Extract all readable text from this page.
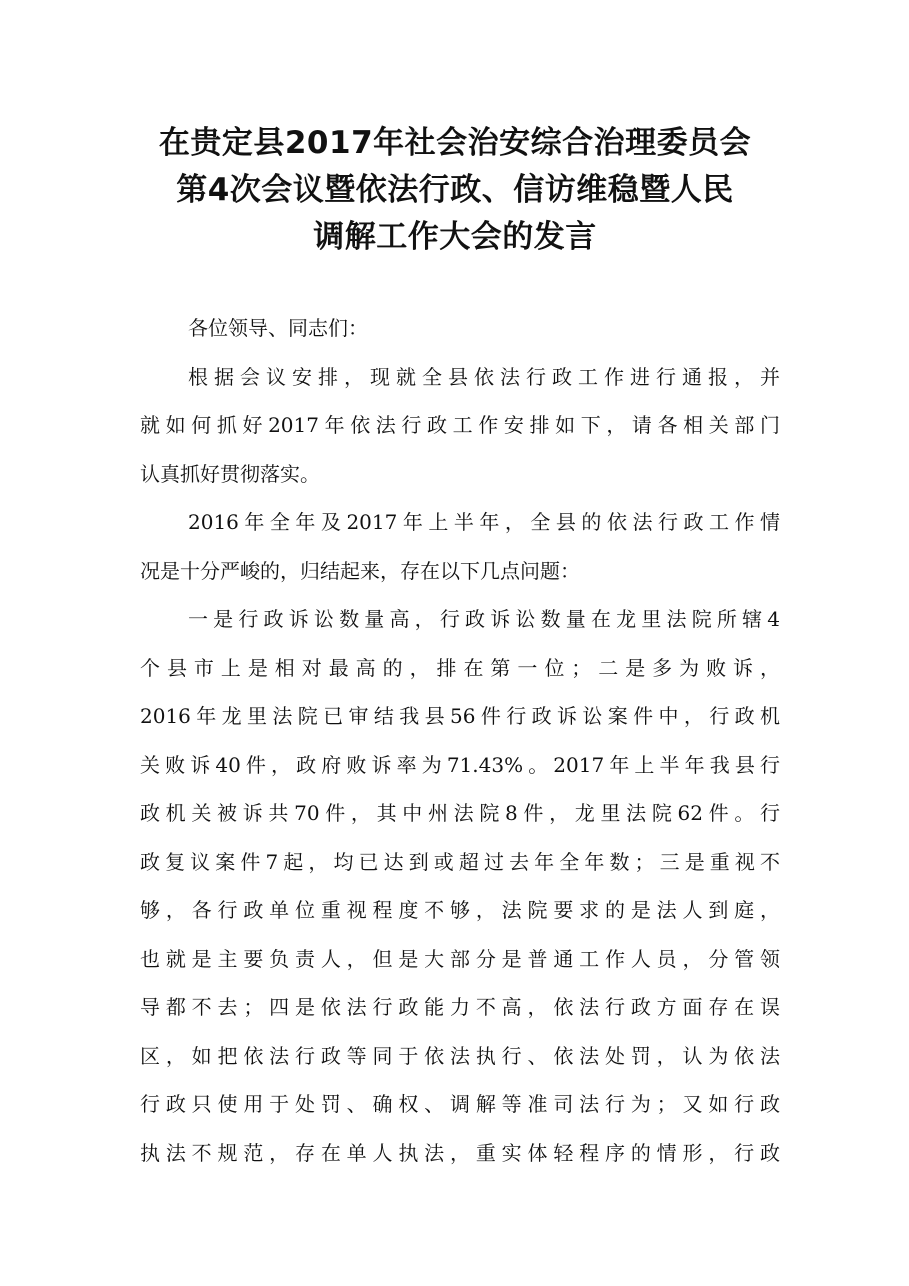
在贵定县2017年社会治安综合治理委员会
第4次会议暨依法行政、信访维稳暨人民
调解工作大会的发言
各位领导、同志们：
根据会议安排，现就全县依法行政工作进行通报，并
就如何抓好2017年依法行政工作安排如下，请各相关部门
认真抓好贯彻落实。
2016年全年及2017年上半年，全县的依法行政工作情
况是十分严峻的，归结起来，存在以下几点问题：
一是行政诉讼数量高，行政诉讼数量在龙里法院所辖4
个县市上是相对最高的，排在第一位；二是多为败诉，
2016年龙里法院已审结我县56件行政诉讼案件中，行政机
关败诉40件，政府败诉率为71.43%。2017年上半年我县行
政机关被诉共70件，其中州法院8件，龙里法院62件。行
政复议案件7起，均已达到或超过去年全年数；三是重视不
够，各行政单位重视程度不够，法院要求的是法人到庭，
也就是主要负责人，但是大部分是普通工作人员，分管领
导都不去；四是依法行政能力不高，依法行政方面存在误
区，如把依法行政等同于依法执行、依法处罚，认为依法
行政只使用于处罚、确权、调解等准司法行为；又如行政
执法不规范，存在单人执法，重实体轻程序的情形，行政
